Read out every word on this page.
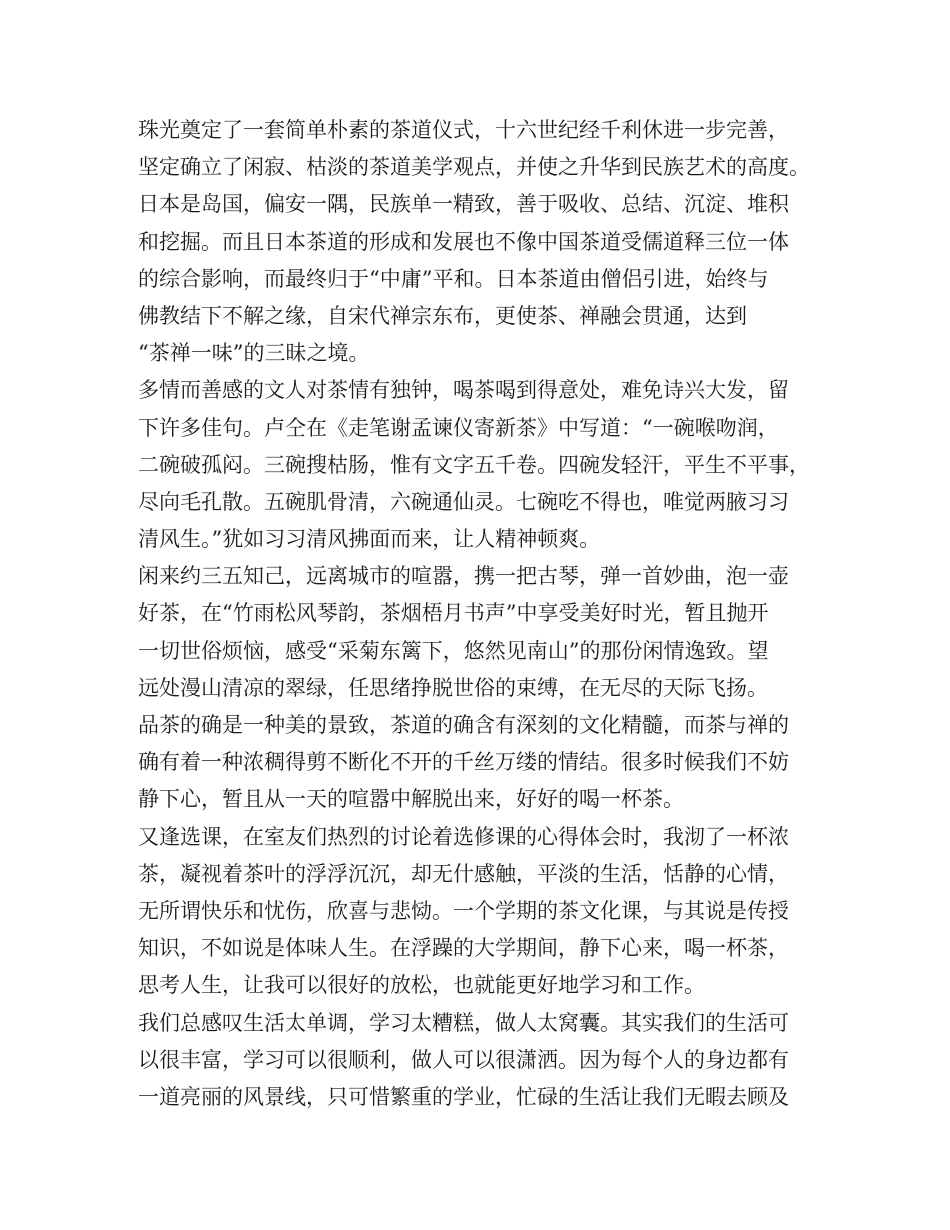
珠光奠定了一套简单朴素的茶道仪式，十六世纪经千利休进一步完善，
坚定确立了闲寂、枯淡的茶道美学观点，并使之升华到民族艺术的高度。
日本是岛国，偏安一隅，民族单一精致，善于吸收、总结、沉淀、堆积
和挖掘。而且日本茶道的形成和发展也不像中国茶道受儒道释三位一体
的综合影响，而最终归于“中庸”平和。日本茶道由僧侣引进，始终与
佛教结下不解之缘，自宋代禅宗东布，更使茶、禅融会贯通，达到
“茶禅一味”的三昧之境。
多情而善感的文人对茶情有独钟，喝茶喝到得意处，难免诗兴大发，留
下许多佳句。卢仝在《走笔谢孟谏仪寄新茶》中写道：“一碗喉吻润，
二碗破孤闷。三碗搜枯肠，惟有文字五千卷。四碗发轻汗，平生不平事，
尽向毛孔散。五碗肌骨清，六碗通仙灵。七碗吃不得也，唯觉两腋习习
清风生。”犹如习习清风拂面而来，让人精神顿爽。
闲来约三五知己，远离城市的喧嚣，携一把古琴，弹一首妙曲，泡一壶
好茶，在“竹雨松风琴韵，茶烟梧月书声”中享受美好时光，暂且抛开
一切世俗烦恼，感受“采菊东篱下，悠然见南山”的那份闲情逸致。望
远处漫山清凉的翠绿，任思绪挣脱世俗的束缚，在无尽的天际飞扬。
品茶的确是一种美的景致，茶道的确含有深刻的文化精髓，而茶与禅的
确有着一种浓稠得剪不断化不开的千丝万缕的情结。很多时候我们不妨
静下心，暂且从一天的喧嚣中解脱出来，好好的喝一杯茶。
又逢选课，在室友们热烈的讨论着选修课的心得体会时，我沏了一杯浓
茶，凝视着茶叶的浮浮沉沉，却无什感触，平淡的生活，恬静的心情，
无所谓快乐和忧伤，欣喜与悲恸。一个学期的茶文化课，与其说是传授
知识，不如说是体味人生。在浮躁的大学期间，静下心来，喝一杯茶，
思考人生，让我可以很好的放松，也就能更好地学习和工作。
我们总感叹生活太单调，学习太糟糕，做人太窝囊。其实我们的生活可
以很丰富，学习可以很顺利，做人可以很潇洒。因为每个人的身边都有
一道亮丽的风景线，只可惜繁重的学业，忙碌的生活让我们无暇去顾及
